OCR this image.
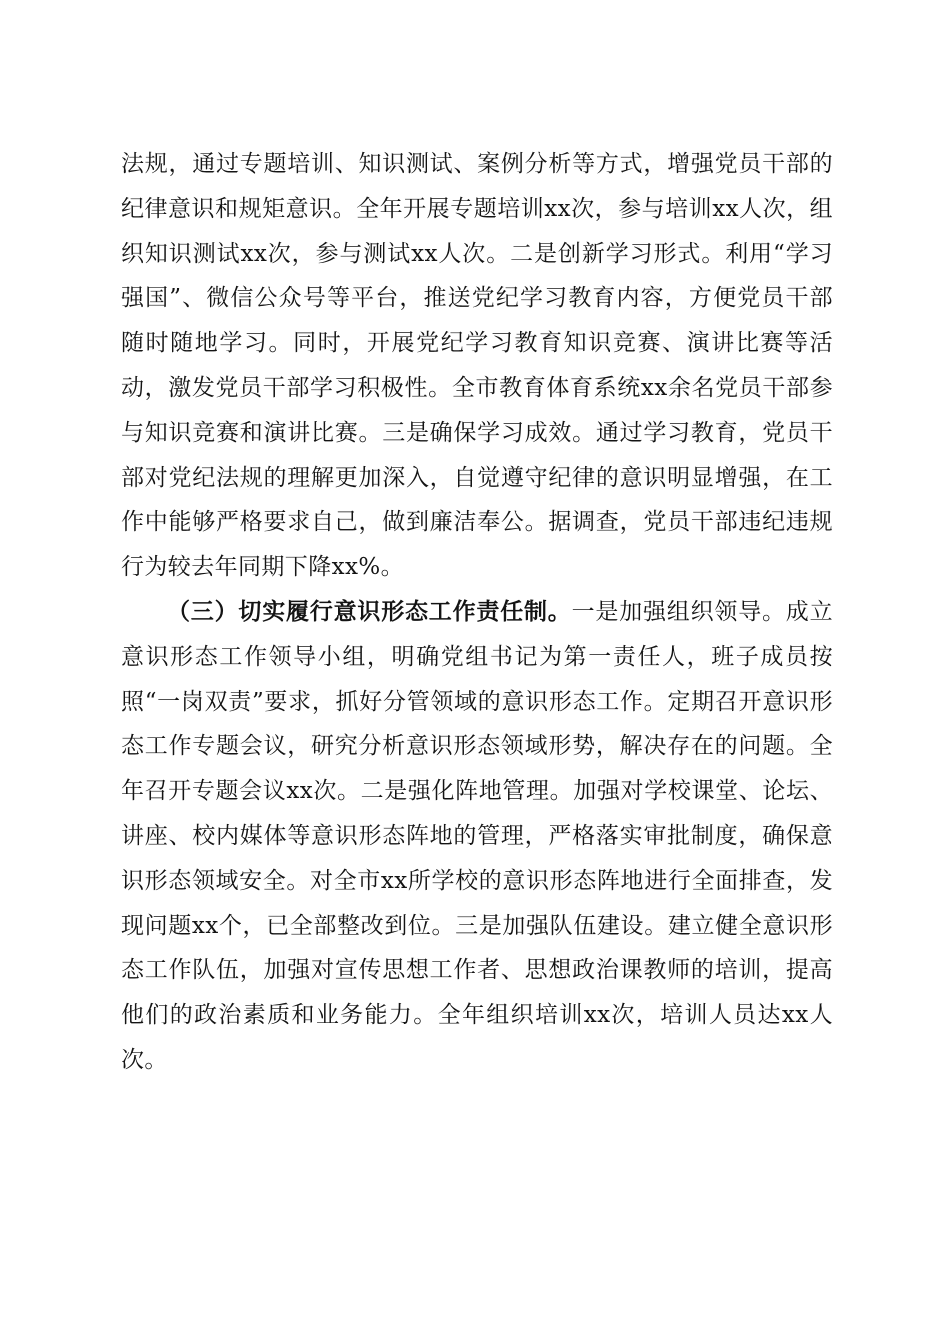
法规，通过专题培训、知识测试、案例分析等方式，增强党员干部的纪律意识和规矩意识。全年开展专题培训xx次，参与培训xx人次，组织知识测试xx次，参与测试xx人次。二是创新学习形式。利用“学习强国”、微信公众号等平台，推送党纪学习教育内容，方便党员干部随时随地学习。同时，开展党纪学习教育知识竞赛、演讲比赛等活动，激发党员干部学习积极性。全市教育体育系统xx余名党员干部参与知识竞赛和演讲比赛。三是确保学习成效。通过学习教育，党员干部对党纪法规的理解更加深入，自觉遵守纪律的意识明显增强，在工作中能够严格要求自己，做到廉洁奉公。据调查，党员干部违纪违规行为较去年同期下降xx%。

（三）切实履行意识形态工作责任制。一是加强组织领导。成立意识形态工作领导小组，明确党组书记为第一责任人，班子成员按照“一岗双责”要求，抓好分管领域的意识形态工作。定期召开意识形态工作专题会议，研究分析意识形态领域形势，解决存在的问题。全年召开专题会议xx次。二是强化阵地管理。加强对学校课堂、论坛、讲座、校内媒体等意识形态阵地的管理，严格落实审批制度，确保意识形态领域安全。对全市xx所学校的意识形态阵地进行全面排查，发现问题xx个，已全部整改到位。三是加强队伍建设。建立健全意识形态工作队伍，加强对宣传思想工作者、思想政治课教师的培训，提高他们的政治素质和业务能力。全年组织培训xx次，培训人员达xx人次。
